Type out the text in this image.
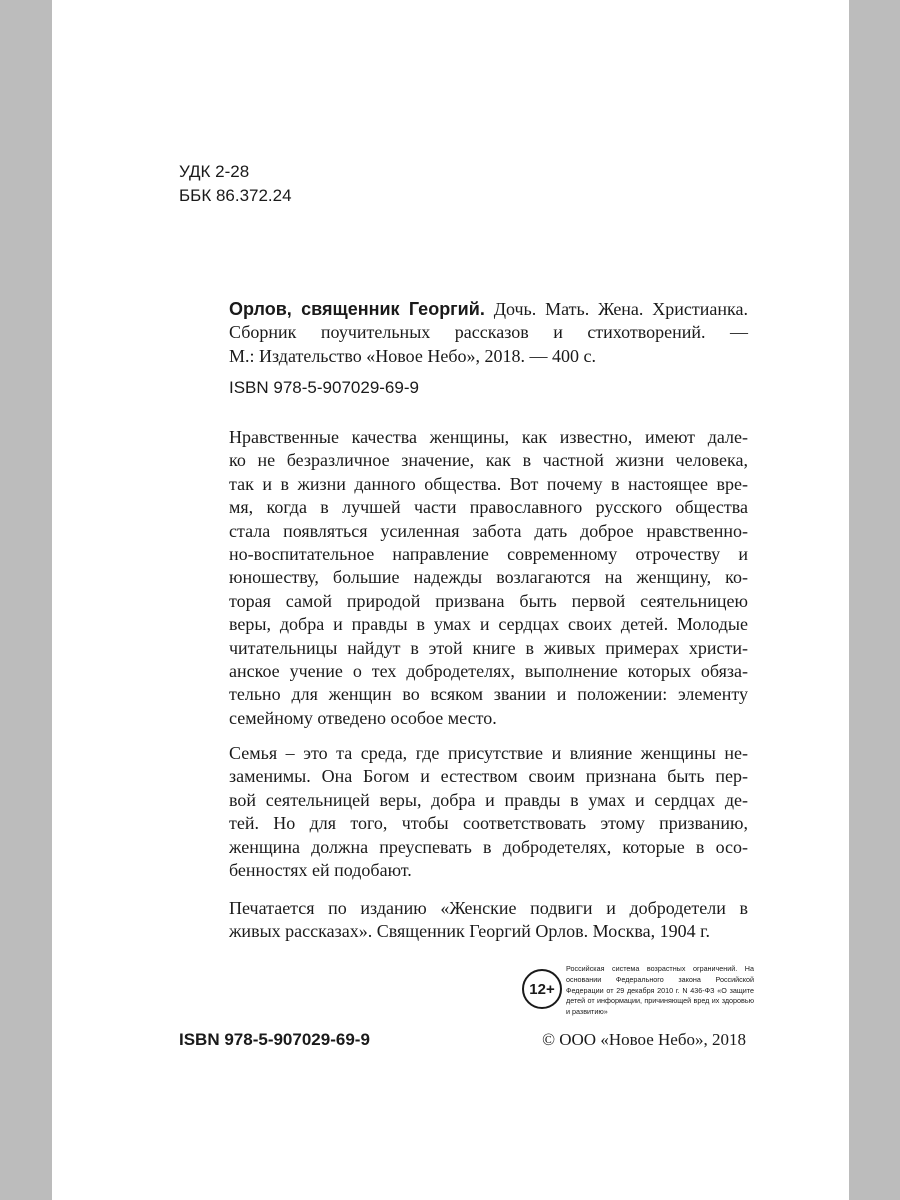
УДК 2-28
ББК 86.372.24
Орлов, священник Георгий. Дочь. Мать. Жена. Христианка.
Сборник поучительных рассказов и стихотворений. —
М.: Издательство «Новое Небо», 2018. — 400 с.
ISBN 978-5-907029-69-9
Нравственные качества женщины, как известно, имеют дале-
ко не безразличное значение, как в частной жизни человека,
так и в жизни данного общества. Вот почему в настоящее вре-
мя, когда в лучшей части православного русского общества
стала появляться усиленная забота дать доброе нравственно-
но-воспитательное направление современному отрочеству и
юношеству, большие надежды возлагаются на женщину, ко-
торая самой природой призвана быть первой сеятельницею
веры, добра и правды в умах и сердцах своих детей. Молодые
читательницы найдут в этой книге в живых примерах христи-
анское учение о тех добродетелях, выполнение которых обяза-
тельно для женщин во всяком звании и положении: элементу
семейному отведено особое место.
Семья – это та среда, где присутствие и влияние женщины не-
заменимы. Она Богом и естеством своим признана быть пер-
вой сеятельницей веры, добра и правды в умах и сердцах де-
тей. Но для того, чтобы соответствовать этому призванию,
женщина должна преуспевать в добродетелях, которые в осо-
бенностях ей подобают.
Печатается по изданию «Женские подвиги и добродетели в
живых рассказах». Священник Георгий Орлов. Москва, 1904 г.
12+
Российская система возрастных ограничений. На основании Федерального закона Российской Федерации от 29 декабря 2010 г. N 436-ФЗ «О защите детей от информации, причиняющей вред их здоровью и развитию»
ISBN 978-5-907029-69-9	© ООО «Новое Небо», 2018
